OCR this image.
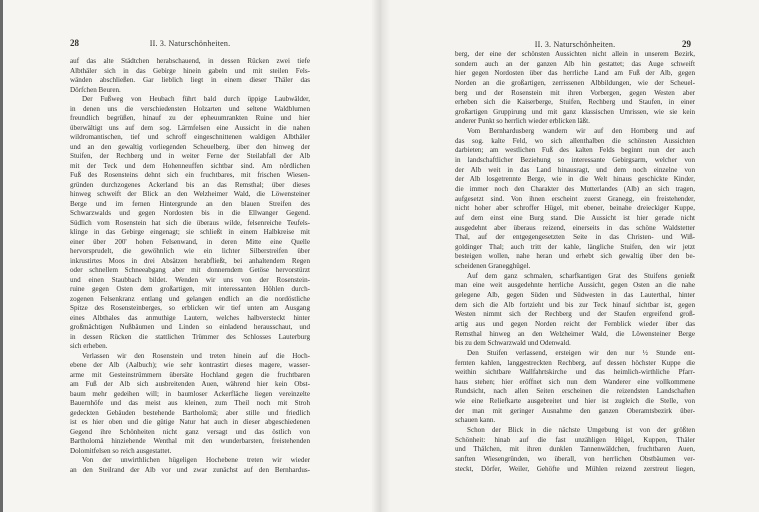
28	II. 3. Naturschönheiten.
auf das alte Städtchen herabschauend, in dessen Rücken zwei tiefe
Albthäler sich in das Gebirge hinein gabeln und mit steilen Fels-
wänden abschließen. Gar lieblich liegt in einem dieser Thäler das
Dörfchen Beuren.
Der Fußweg von Heubach führt bald durch üppige Laubwälder,
in denen uns die verschiedensten Holzarten und seltene Waldblumen
freundlich begrüßen, hinauf zu der epheuumrankten Ruine und hier
überwältigt uns auf dem sog. Lärmfelsen eine Aussicht in die nahen
wildromantischen, tief und schroff eingeschnittenen waldigen Albthäler
und an den gewaltig vorliegenden Scheuelberg, über den hinweg der
Stuifen, der Rechberg und in weiter Ferne der Steilabfall der Alb
mit der Teck und dem Hohenneuffen sichtbar sind. Am nördlichen
Fuß des Rosensteins dehnt sich ein fruchtbares, mit frischen Wiesen-
gründen durchzogenes Ackerland bis an das Remsthal; über dieses
hinweg schweift der Blick an den Welzheimer Wald, die Löwensteiner
Berge und im fernen Hintergrunde an den blauen Streifen des
Schwarzwalds und gegen Nordosten bis in die Ellwanger Gegend.
Südlich vom Rosenstein hat sich die überaus wilde, felsenreiche Teufels-
klinge in das Gebirge eingenagt; sie schließt in einem Halbkreise mit
einer über 200' hohen Felsenwand, in deren Mitte eine Quelle
hervorsprudelt, die gewöhnlich wie ein lichter Silberstreifen über
inkrustirtes Moos in drei Absätzen herabfließt, bei anhaltendem Regen
oder schnellem Schneeabgang aber mit donnerndem Getöse hervorstürzt
und einen Staubbach bildet. Wenden wir uns von der Rosenstein-
ruine gegen Osten dem großartigen, mit interessanten Höhlen durch-
zogenen Felsenkranz entlang und gelangen endlich an die nordöstliche
Spitze des Rosensteinberges, so erblicken wir tief unten am Ausgang
eines Albthales das anmuthige Lautern, welches halbversteckt hinter
großmächtigen Nußbäumen und Linden so einladend herausschaut, und
in dessen Rücken die stattlichen Trümmer des Schlosses Lauterburg
sich erheben.
Verlassen wir den Rosenstein und treten hinein auf die Hoch-
ebene der Alb (Aalbuch); wie sehr kontrastirt dieses magere, wasser-
arme mit Gesteinstrümmern übersäte Hochland gegen die fruchtbaren
am Fuß der Alb sich ausbreitenden Auen, während hier kein Obst-
baum mehr gedeihen will; in baumloser Ackerfläche liegen vereinzelte
Bauernhöfe und das meist aus kleinen, zum Theil noch mit Stroh
gedeckten Gebäuden bestehende Bartholomä; aber stille und friedlich
ist es hier oben und die gütige Natur hat auch in dieser abgeschiedenen
Gegend ihre Schönheiten nicht ganz versagt und das östlich von
Bartholomä hinziehende Wenthal mit den wunderbarsten, freistehenden
Dolomitfelsen so reich ausgestattet.
Von der unwirthlichen hügeligen Hochebene treten wir wieder
an den Steilrand der Alb vor und zwar zunächst auf den Bernhardus-
II. 3. Naturschönheiten.	29
berg, der eine der schönsten Aussichten nicht allein in unserem Bezirk,
sondern auch an der ganzen Alb hin gestattet; das Auge schweift
hier gegen Nordosten über das herrliche Land am Fuß der Alb, gegen
Norden an die großartigen, zerrissenen Albbildungen, wie der Scheuel-
berg und der Rosenstein mit ihren Vorbergen, gegen Westen aber
erheben sich die Kaiserberge, Stuifen, Rechberg und Staufen, in einer
großartigen Gruppirung und mit ganz klassischen Umrissen, wie sie kein
anderer Punkt so herrlich wieder erblicken läßt.
Vom Bernhardusberg wandern wir auf den Hornberg und auf
das sog. kalte Feld, wo sich allenthalben die schönsten Aussichten
darbieten; am westlichen Fuß des kalten Felds beginnt nun der auch
in landschaftlicher Beziehung so interessante Gebirgsarm, welcher von
der Alb weit in das Land hinausragt, und dem noch einzelne von
der Alb losgetrennte Berge, wie in die Welt hinaus geschickte Kinder,
die immer noch den Charakter des Mutterlandes (Alb) an sich tragen,
aufgesetzt sind. Von ihnen erscheint zuerst Granegg, ein freistehender,
nicht hoher aber schroffer Hügel, mit ebener, beinahe dreieckiger Kuppe,
auf dem einst eine Burg stand. Die Aussicht ist hier gerade nicht
ausgedehnt aber überaus reizend, einerseits in das schöne Waldstetter
Thal, auf der entgegengesetzten Seite in das Christen- und Wiß-
goldinger Thal; auch tritt der kahle, längliche Stuifen, den wir jetzt
besteigen wollen, nahe heran und erhebt sich gewaltig über den be-
scheidenen Granegghügel.
Auf dem ganz schmalen, scharfkantigen Grat des Stuifens genießt
man eine weit ausgedehnte herrliche Aussicht, gegen Osten an die nahe
gelegene Alb, gegen Süden und Südwesten in das Lauterthal, hinter
dem sich die Alb fortzieht und bis zur Teck hinauf sichtbar ist, gegen
Westen nimmt sich der Rechberg und der Staufen ergreifend groß-
artig aus und gegen Norden reicht der Fernblick wieder über das
Remsthal hinweg an den Welzheimer Wald, die Löwensteiner Berge
bis zu dem Schwarzwald und Odenwald.
Den Stuifen verlassend, ersteigen wir den nur ½ Stunde ent-
fernten kahlen, langgestreckten Rechberg, auf dessen höchster Kuppe die
weithin sichtbare Wallfahrtskirche und das heimlich-wirthliche Pfarr-
haus stehen; hier eröffnet sich nun dem Wanderer eine vollkommene
Rundsicht, nach allen Seiten erscheinen die reizendsten Landschaften
wie eine Reliefkarte ausgebreitet und hier ist zugleich die Stelle, von
der man mit geringer Ausnahme den ganzen Oberamtsbezirk über-
schauen kann.
Schon der Blick in die nächste Umgebung ist von der größten
Schönheit: hinab auf die fast unzähligen Hügel, Kuppen, Thäler
und Thälchen, mit ihren dunklen Tannenwäldchen, fruchtbaren Auen,
sanften Wiesengründen, wo überall, von herrlichen Obstbäumen ver-
steckt, Dörfer, Weiler, Gehöfte und Mühlen reizend zerstreut liegen,
